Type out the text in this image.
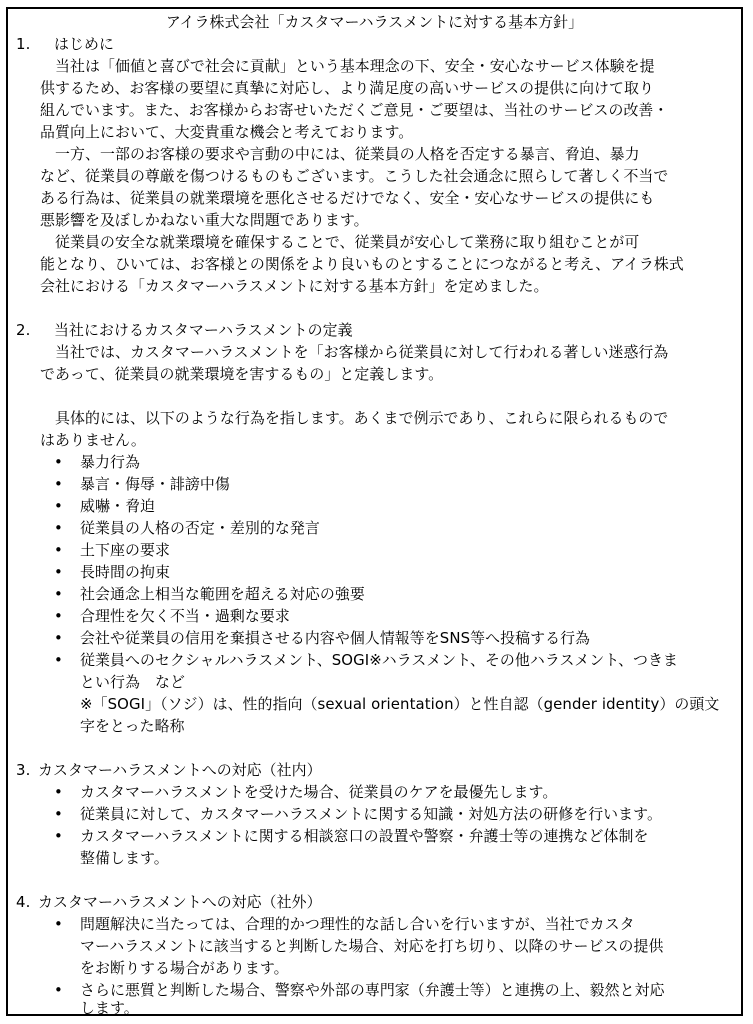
アイラ株式会社「カスタマーハラスメントに対する基本方針」
1. はじめに
　当社は「価値と喜びで社会に貢献」という基本理念の下、安全・安心なサービス体験を提
供するため、お客様の要望に真摯に対応し、より満足度の高いサービスの提供に向けて取り
組んでいます。また、お客様からお寄せいただくご意見・ご要望は、当社のサービスの改善・
品質向上において、大変貴重な機会と考えております。
　一方、一部のお客様の要求や言動の中には、従業員の人格を否定する暴言、脅迫、暴力
など、従業員の尊厳を傷つけるものもございます。こうした社会通念に照らして著しく不当で
ある行為は、従業員の就業環境を悪化させるだけでなく、安全・安心なサービスの提供にも
悪影響を及ぼしかねない重大な問題であります。
　従業員の安全な就業環境を確保することで、従業員が安心して業務に取り組むことが可
能となり、ひいては、お客様との関係をより良いものとすることにつながると考え、アイラ株式
会社における「カスタマーハラスメントに対する基本方針」を定めました。
2. 当社におけるカスタマーハラスメントの定義
　当社では、カスタマーハラスメントを「お客様から従業員に対して行われる著しい迷惑行為
であって、従業員の就業環境を害するもの」と定義します。
　具体的には、以下のような行為を指します。あくまで例示であり、これらに限られるもので
はありません。
• 暴力行為
• 暴言・侮辱・誹謗中傷
• 威嚇・脅迫
• 従業員の人格の否定・差別的な発言
• 土下座の要求
• 長時間の拘束
• 社会通念上相当な範囲を超える対応の強要
• 合理性を欠く不当・過剰な要求
• 会社や従業員の信用を棄損させる内容や個人情報等をSNS等へ投稿する行為
• 従業員へのセクシャルハラスメント、SOGI※ハラスメント、その他ハラスメント、つきま
とい行為　など
※「SOGI」（ソジ）は、性的指向（sexual orientation）と性自認（gender identity）の頭文
字をとった略称
3. カスタマーハラスメントへの対応（社内）
• カスタマーハラスメントを受けた場合、従業員のケアを最優先します。
• 従業員に対して、カスタマーハラスメントに関する知識・対処方法の研修を行います。
• カスタマーハラスメントに関する相談窓口の設置や警察・弁護士等の連携など体制を
整備します。
4. カスタマーハラスメントへの対応（社外）
• 問題解決に当たっては、合理的かつ理性的な話し合いを行いますが、当社でカスタ
マーハラスメントに該当すると判断した場合、対応を打ち切り、以降のサービスの提供
をお断りする場合があります。
• さらに悪質と判断した場合、警察や外部の専門家（弁護士等）と連携の上、毅然と対応
します。
